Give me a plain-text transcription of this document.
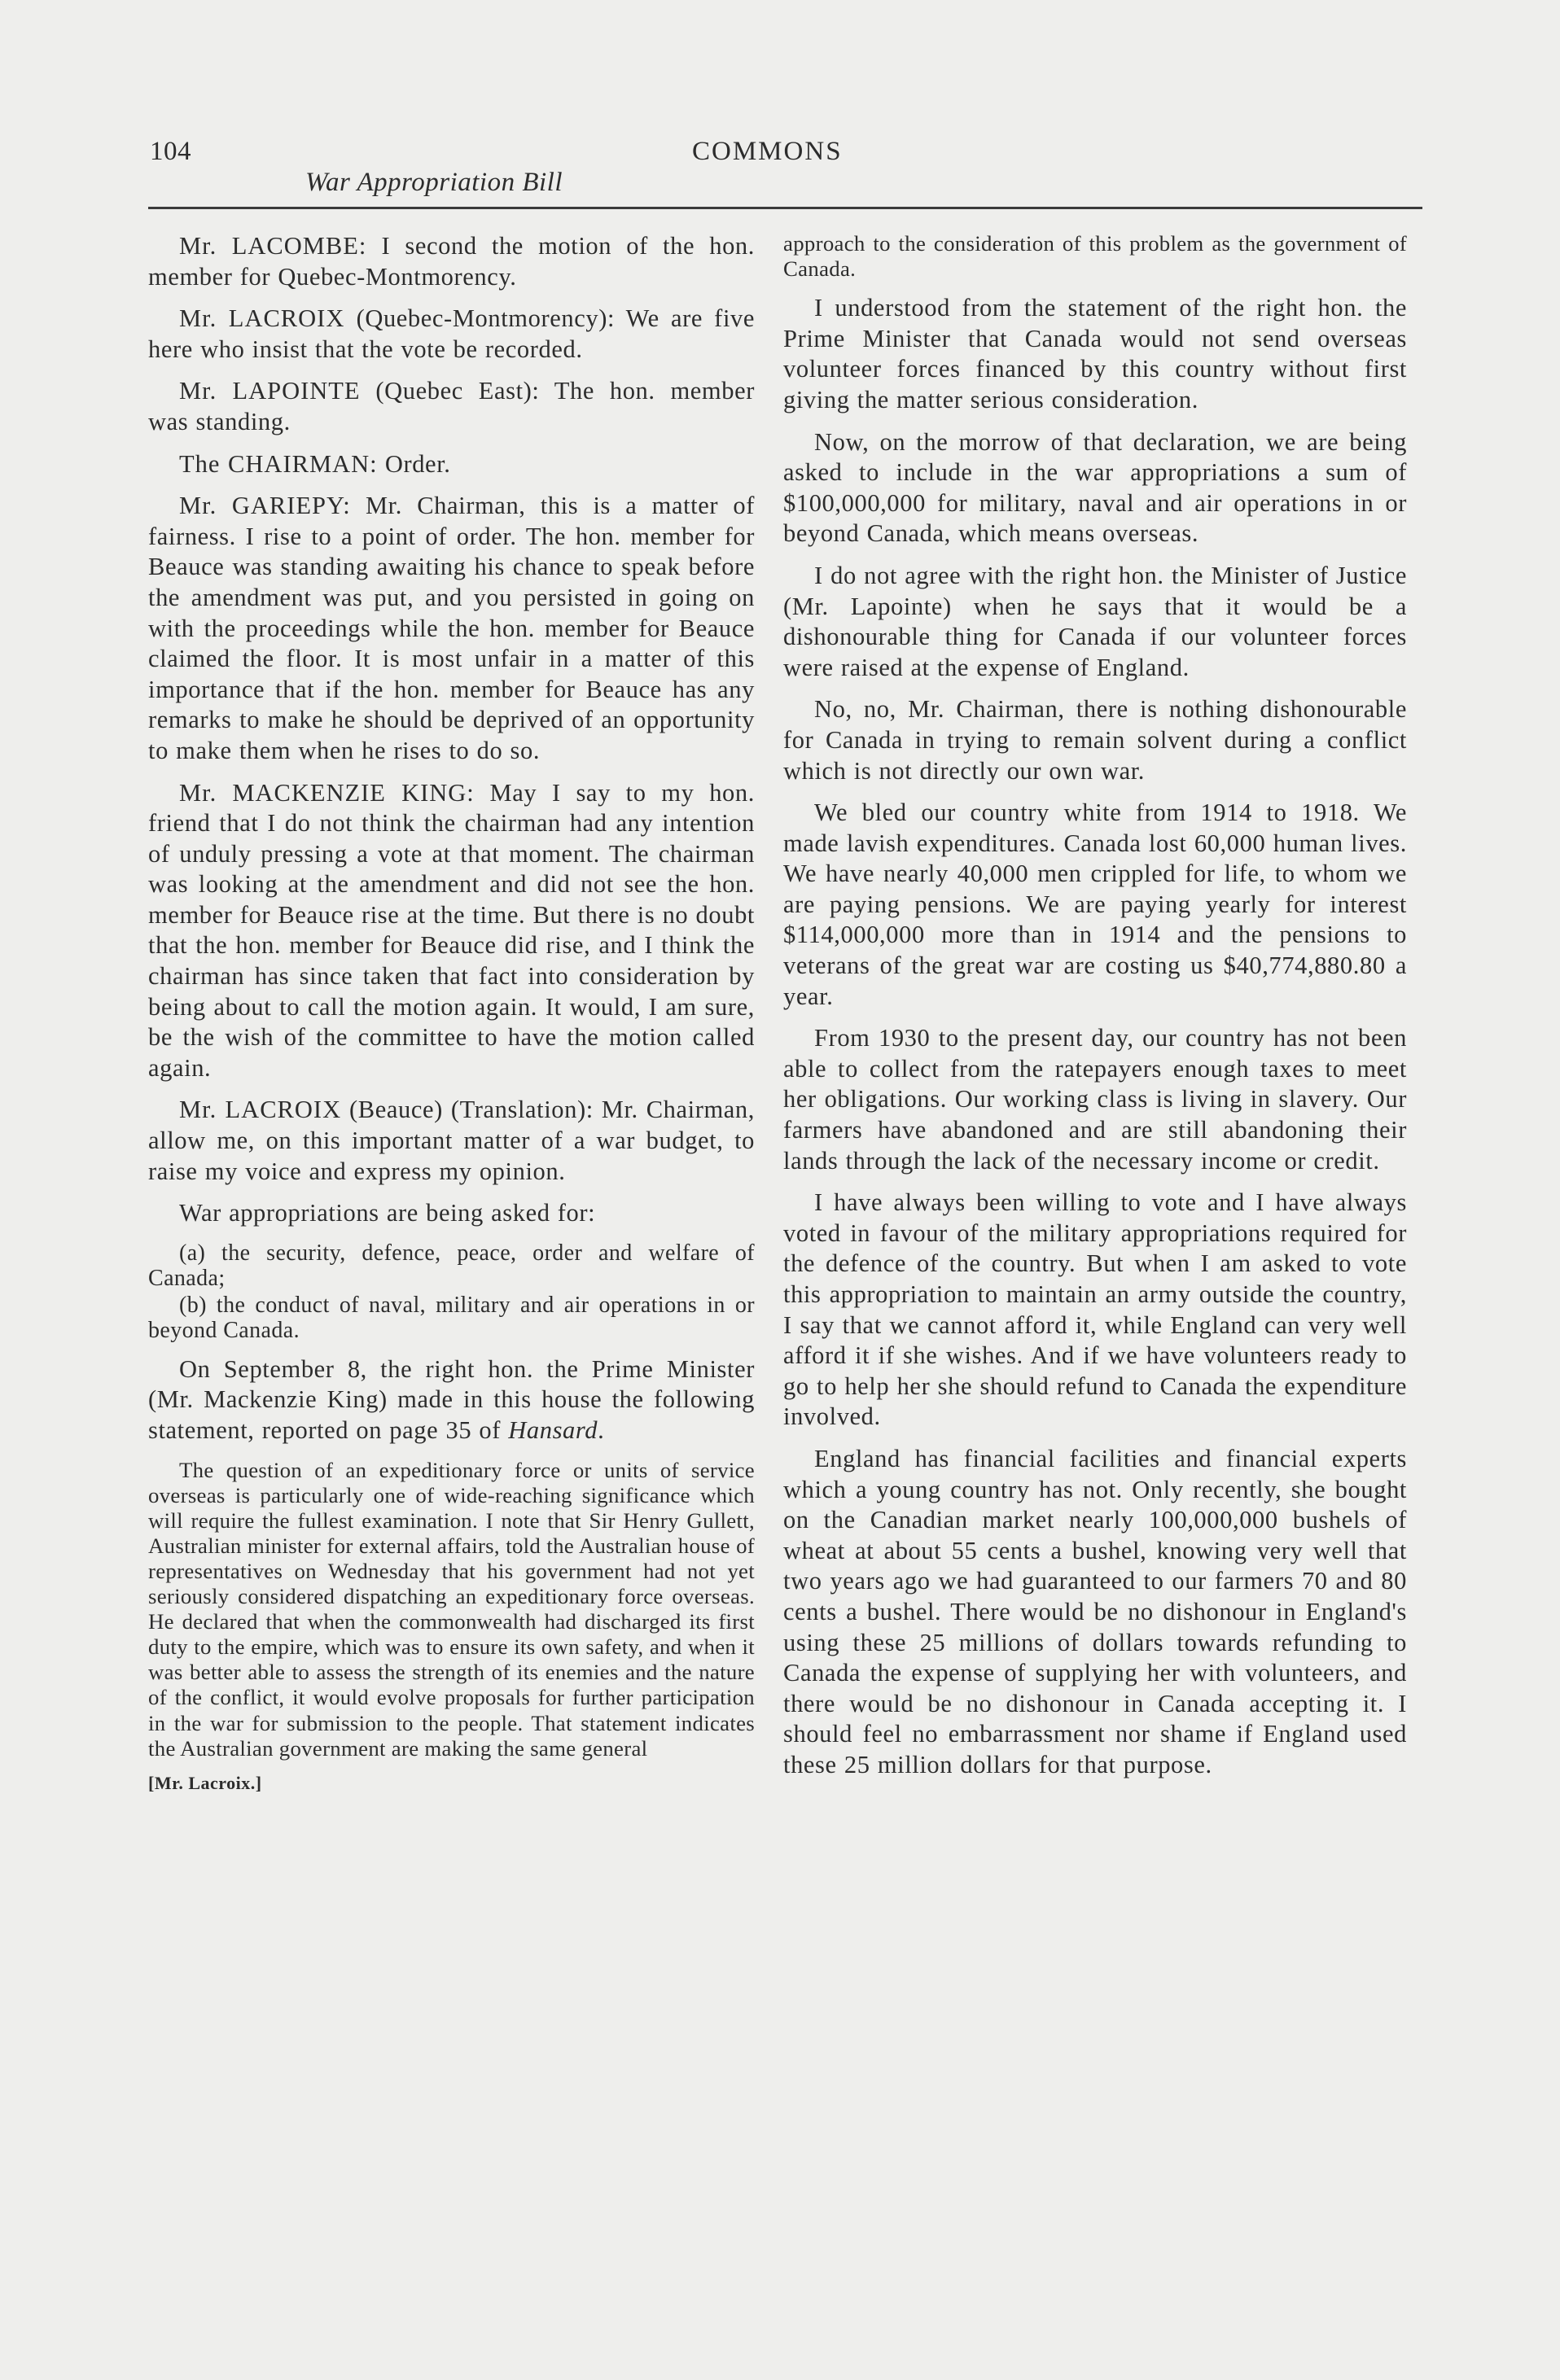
104	COMMONS
War Appropriation Bill

Mr. LACOMBE: I second the motion of the hon. member for Quebec-Montmorency.

Mr. LACROIX (Quebec-Montmorency): We are five here who insist that the vote be recorded.

Mr. LAPOINTE (Quebec East): The hon. member was standing.

The CHAIRMAN: Order.

Mr. GARIEPY: Mr. Chairman, this is a matter of fairness. I rise to a point of order. The hon. member for Beauce was standing awaiting his chance to speak before the amendment was put, and you persisted in going on with the proceedings while the hon. member for Beauce claimed the floor. It is most unfair in a matter of this importance that if the hon. member for Beauce has any remarks to make he should be deprived of an opportunity to make them when he rises to do so.

Mr. MACKENZIE KING: May I say to my hon. friend that I do not think the chairman had any intention of unduly pressing a vote at that moment. The chairman was looking at the amendment and did not see the hon. member for Beauce rise at the time. But there is no doubt that the hon. member for Beauce did rise, and I think the chairman has since taken that fact into consideration by being about to call the motion again. It would, I am sure, be the wish of the committee to have the motion called again.

Mr. LACROIX (Beauce) (Translation): Mr. Chairman, allow me, on this important matter of a war budget, to raise my voice and express my opinion.

War appropriations are being asked for:

(a) the security, defence, peace, order and welfare of Canada;

(b) the conduct of naval, military and air operations in or beyond Canada.

On September 8, the right hon. the Prime Minister (Mr. Mackenzie King) made in this house the following statement, reported on page 35 of Hansard.

The question of an expeditionary force or units of service overseas is particularly one of wide-reaching significance which will require the fullest examination. I note that Sir Henry Gullett, Australian minister for external affairs, told the Australian house of representatives on Wednesday that his government had not yet seriously considered dispatching an expeditionary force overseas. He declared that when the commonwealth had discharged its first duty to the empire, which was to ensure its own safety, and when it was better able to assess the strength of its enemies and the nature of the conflict, it would evolve proposals for further participation in the war for submission to the people. That statement indicates the Australian government are making the same general

[Mr. Lacroix.]

approach to the consideration of this problem as the government of Canada.

I understood from the statement of the right hon. the Prime Minister that Canada would not send overseas volunteer forces financed by this country without first giving the matter serious consideration.

Now, on the morrow of that declaration, we are being asked to include in the war appropriations a sum of $100,000,000 for military, naval and air operations in or beyond Canada, which means overseas.

I do not agree with the right hon. the Minister of Justice (Mr. Lapointe) when he says that it would be a dishonourable thing for Canada if our volunteer forces were raised at the expense of England.

No, no, Mr. Chairman, there is nothing dishonourable for Canada in trying to remain solvent during a conflict which is not directly our own war.

We bled our country white from 1914 to 1918. We made lavish expenditures. Canada lost 60,000 human lives. We have nearly 40,000 men crippled for life, to whom we are paying pensions. We are paying yearly for interest $114,000,000 more than in 1914 and the pensions to veterans of the great war are costing us $40,774,880.80 a year.

From 1930 to the present day, our country has not been able to collect from the ratepayers enough taxes to meet her obligations. Our working class is living in slavery. Our farmers have abandoned and are still abandoning their lands through the lack of the necessary income or credit.

I have always been willing to vote and I have always voted in favour of the military appropriations required for the defence of the country. But when I am asked to vote this appropriation to maintain an army outside the country, I say that we cannot afford it, while England can very well afford it if she wishes. And if we have volunteers ready to go to help her she should refund to Canada the expenditure involved.

England has financial facilities and financial experts which a young country has not. Only recently, she bought on the Canadian market nearly 100,000,000 bushels of wheat at about 55 cents a bushel, knowing very well that two years ago we had guaranteed to our farmers 70 and 80 cents a bushel. There would be no dishonour in England's using these 25 millions of dollars towards refunding to Canada the expense of supplying her with volunteers, and there would be no dishonour in Canada accepting it. I should feel no embarrassment nor shame if England used these 25 million dollars for that purpose.
